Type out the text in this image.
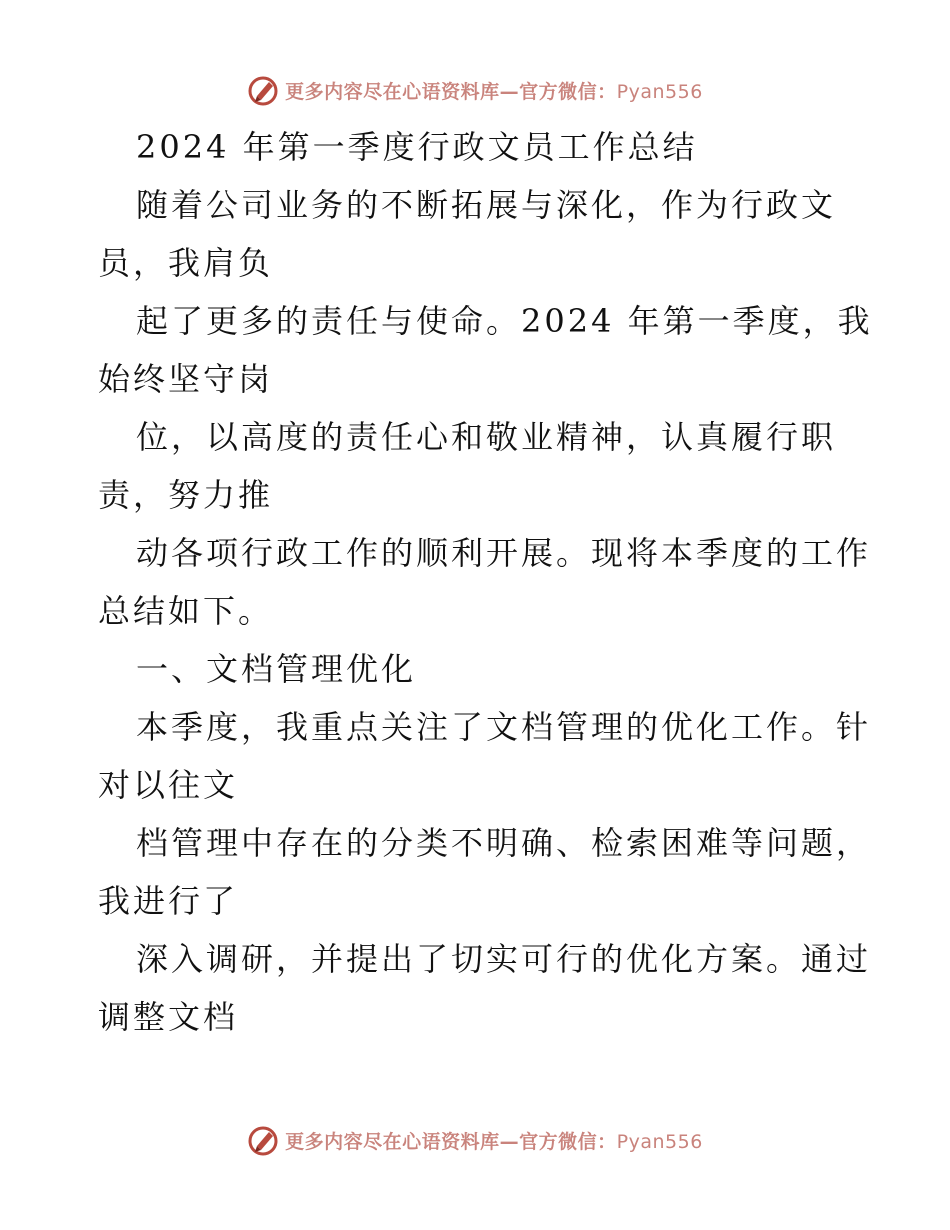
更多内容尽在心语资料库—官方微信：Pyan556
2024 年第一季度行政文员工作总结
随着公司业务的不断拓展与深化，作为行政文
员，我肩负
起了更多的责任与使命。2024 年第一季度，我
始终坚守岗
位，以高度的责任心和敬业精神，认真履行职
责，努力推
动各项行政工作的顺利开展。现将本季度的工作
总结如下。
一、文档管理优化
本季度，我重点关注了文档管理的优化工作。针
对以往文
档管理中存在的分类不明确、检索困难等问题，
我进行了
深入调研，并提出了切实可行的优化方案。通过
调整文档
更多内容尽在心语资料库—官方微信：Pyan556
